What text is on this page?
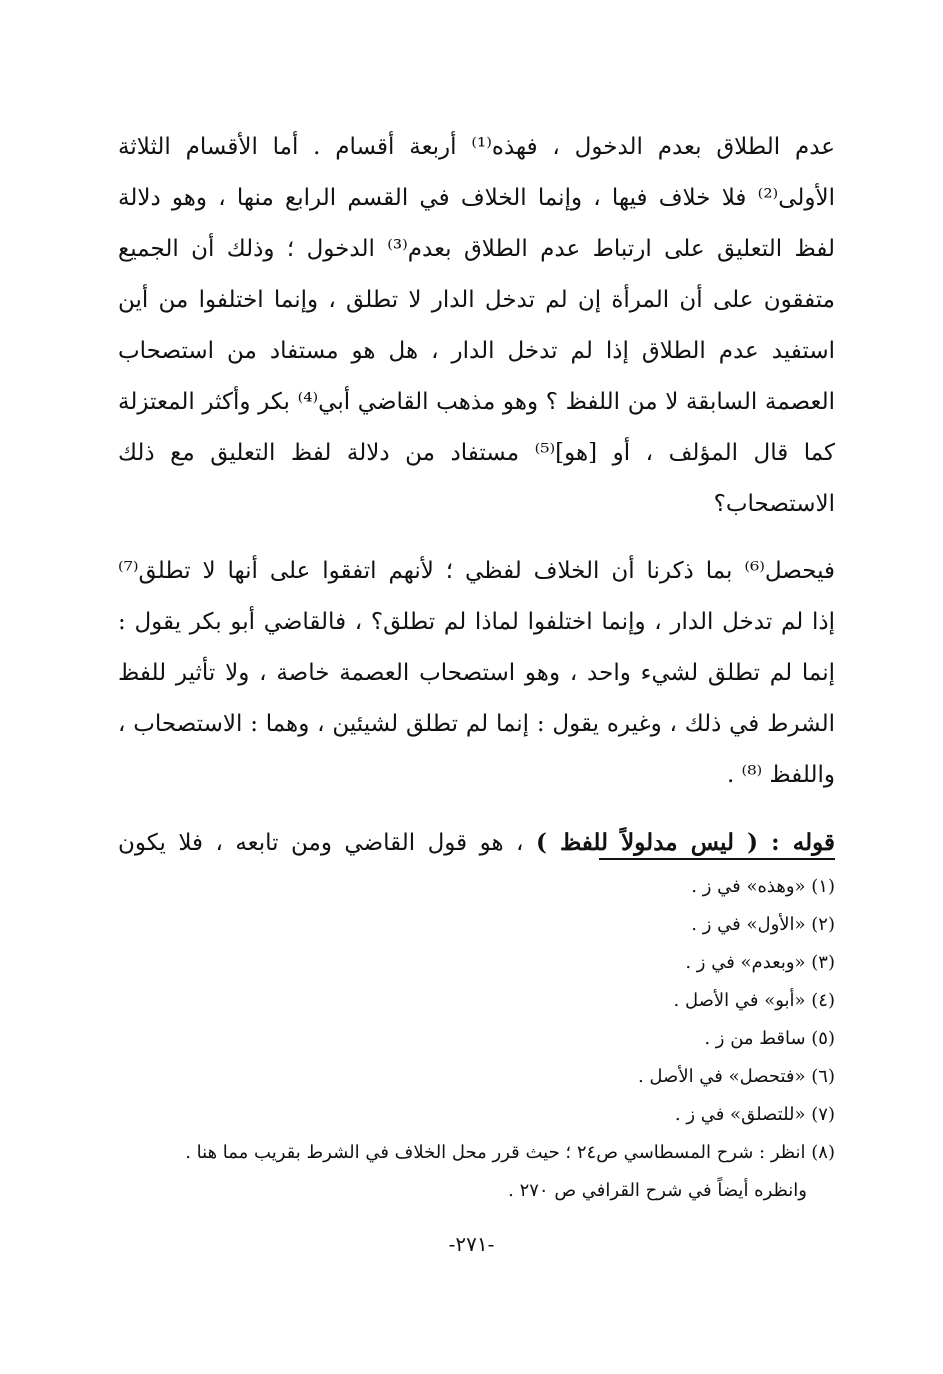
عدم الطلاق بعدم الدخول ، فهذه⁽¹⁾ أربعة أقسام . أما الأقسام الثلاثة
الأولى⁽²⁾ فلا خلاف فيها ، وإنما الخلاف في القسم الرابع منها ، وهو دلالة
لفظ التعليق على ارتباط عدم الطلاق بعدم⁽³⁾ الدخول ؛ وذلك أن الجميع
متفقون على أن المرأة إن لم تدخل الدار لا تطلق ، وإنما اختلفوا من أين
استفيد عدم الطلاق إذا لم تدخل الدار ، هل هو مستفاد من استصحاب
العصمة السابقة لا من اللفظ ؟ وهو مذهب القاضي أبي⁽⁴⁾ بكر وأكثر المعتزلة
كما قال المؤلف ، أو [هو]⁽⁵⁾ مستفاد من دلالة لفظ التعليق مع ذلك
الاستصحاب؟
فيحصل⁽⁶⁾ بما ذكرنا أن الخلاف لفظي ؛ لأنهم اتفقوا على أنها لا تطلق⁽⁷⁾
إذا لم تدخل الدار ، وإنما اختلفوا لماذا لم تطلق؟ ، فالقاضي أبو بكر يقول :
إنما لم تطلق لشيء واحد ، وهو استصحاب العصمة خاصة ، ولا تأثير للفظ
الشرط في ذلك ، وغيره يقول : إنما لم تطلق لشيئين ، وهما : الاستصحاب ،
واللفظ ⁽⁸⁾ .
قوله : ( ليس مدلولاً للفظ ) ، هو قول القاضي ومن تابعه ، فلا يكون
(١) «وهذه» في ز .
(٢) «الأول» في ز .
(٣) «وبعدم» في ز .
(٤) «أبو» في الأصل .
(٥) ساقط من ز .
(٦) «فتحصل» في الأصل .
(٧) «للتصلق» في ز .
(٨) انظر : شرح المسطاسي ص٢٤ ؛ حيث قرر محل الخلاف في الشرط بقريب مما هنا .
وانظره أيضاً في شرح القرافي ص ٢٧٠ .
-٢٧١-
